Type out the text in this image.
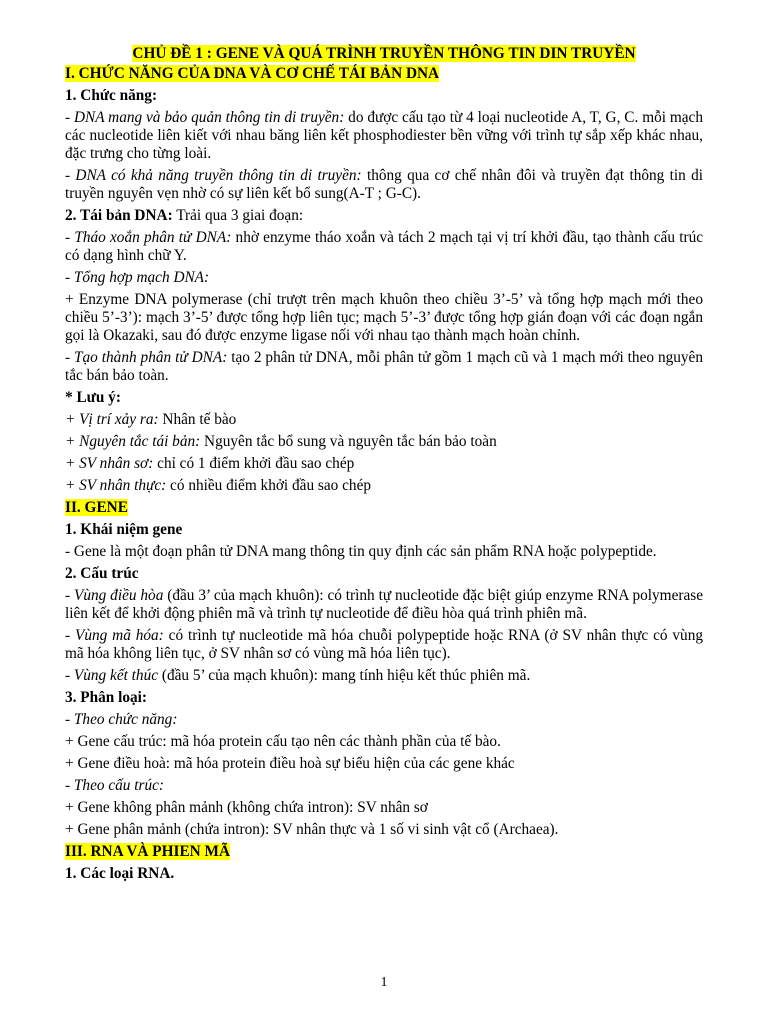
CHỦ ĐỀ 1 : GENE VÀ QUÁ TRÌNH TRUYỀN THÔNG TIN DIN TRUYỀN
I. CHỨC NĂNG CỦA DNA VÀ CƠ CHẾ TÁI BẢN DNA
1. Chức năng:

- DNA mang và bảo quản thông tin di truyền: do được cấu tạo từ 4 loại nucleotide A, T, G, C. mỗi mạch các nucleotide liên kiết với nhau băng liên kết phosphodiester bền vững với trình tự sắp xếp khác nhau, đặc trưng cho từng loài.

- DNA có khả năng truyền thông tin di truyền: thông qua cơ chế nhân đôi và truyền đạt thông tin di truyền nguyên vẹn nhờ có sự liên kết bổ sung(A-T ; G-C).

2. Tái bản DNA: Trải qua 3 giai đoạn:

- Tháo xoắn phân tử DNA: nhờ enzyme tháo xoắn và tách 2 mạch tại vị trí khởi đầu, tạo thành cấu trúc có dạng hình chữ Y.

- Tổng hợp mạch DNA:

+ Enzyme DNA polymerase (chỉ trượt trên mạch khuôn theo chiều 3’-5’ và tổng hợp mạch mới theo chiều 5’-3’): mạch 3’-5’ được tổng hợp liên tục; mạch 5’-3’ được tổng hợp gián đoạn với các đoạn ngắn gọi là Okazaki, sau đó được enzyme ligase nối với nhau tạo thành mạch hoàn chỉnh.

- Tạo thành phân tử DNA: tạo 2 phân tử DNA, mỗi phân tử gồm 1 mạch cũ và 1 mạch mới theo nguyên tắc bán bảo toàn.

* Lưu ý:

+ Vị trí xảy ra: Nhân tế bào

+ Nguyên tắc tái bản: Nguyên tắc bổ sung và nguyên tắc bán bảo toàn

+ SV nhân sơ: chỉ có 1 điểm khởi đầu sao chép

+ SV nhân thực: có nhiều điểm khởi đầu sao chép

II. GENE
1. Khái niệm gene

- Gene là một đoạn phân tử DNA mang thông tin quy định các sản phẩm RNA hoặc polypeptide.

2. Cấu trúc

- Vùng điều hòa (đầu 3’ của mạch khuôn): có trình tự nucleotide đặc biệt giúp enzyme RNA polymerase liên kết để khởi động phiên mã và trình tự nucleotide để điều hòa quá trình phiên mã.

- Vùng mã hóa: có trình tự nucleotide mã hóa chuỗi polypeptide hoặc RNA (ở SV nhân thực có vùng mã hóa không liên tục, ở SV nhân sơ có vùng mã hóa liên tục).

- Vùng kết thúc (đầu 5’ của mạch khuôn): mang tính hiệu kết thúc phiên mã.

3. Phân loại:

- Theo chức năng:

+ Gene cấu trúc: mã hóa protein cấu tạo nên các thành phần của tế bào.

+ Gene điều hoà: mã hóa protein điều hoà sự biểu hiện của các gene khác

- Theo cấu trúc:

+ Gene không phân mảnh (không chứa intron): SV nhân sơ

+ Gene phân mảnh (chứa intron): SV nhân thực và 1 số vi sinh vật cổ (Archaea).

III. RNA VÀ PHIEN MÃ
1. Các loại RNA.
1
